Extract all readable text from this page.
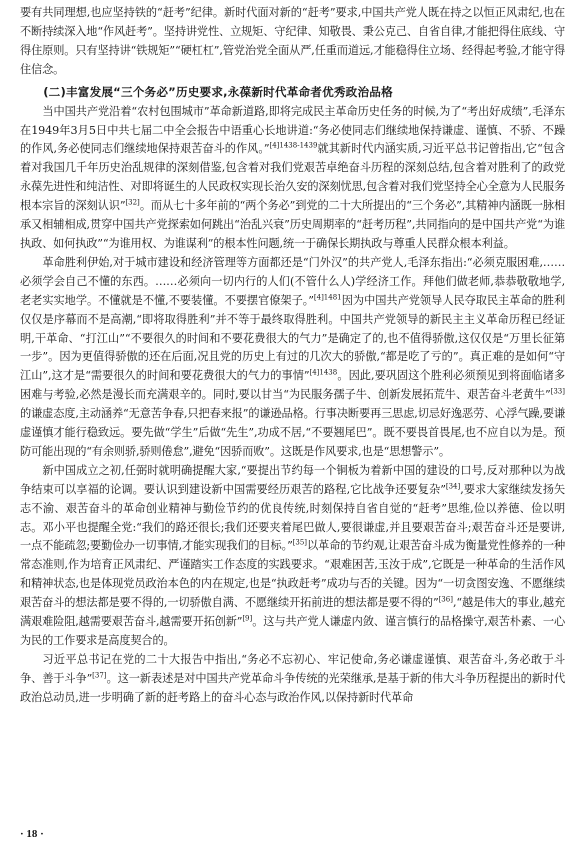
要有共同理想,也应坚持铁的“赶考”纪律。新时代面对新的“赶考”要求,中国共产党人既在持之以恒正风肃纪,也在不断持续深入地“作风赶考”。坚持讲党性、立规矩、守纪律、知敬畏、秉公克己、自省自律,才能把得住底线、守得住原则。只有坚持讲“铁规矩”“硬杠杠”,管党治党全面从严,任重而道远,才能稳得住立场、经得起考验,才能守得住信念。

(二)丰富发展“三个务必”历史要求,永葆新时代革命者优秀政治品格

当中国共产党沿着“农村包围城市”革命新道路,即将完成民主革命历史任务的时候,为了“考出好成绩”,毛泽东在1949年3月5日中共七届二中全会报告中语重心长地讲道:“务必使同志们继续地保持谦虚、谨慎、不骄、不躁的作风,务必使同志们继续地保持艰苦奋斗的作风。”$^{[4]1438-1439}$就其新时代内涵实质,习近平总书记曾指出,它“包含着对我国几千年历史治乱规律的深刻借鉴,包含着对我们党艰苦卓绝奋斗历程的深刻总结,包含着对胜利了的政党永葆先进性和纯洁性、对即将诞生的人民政权实现长治久安的深刻忧思,包含着对我们党坚持全心全意为人民服务根本宗旨的深刻认识”[32]。而从七十多年前的“两个务必”到党的二十大所提出的“三个务必”,其精神内涵既一脉相承又相辅相成,贯穿中国共产党探索如何跳出“治乱兴衰”历史周期率的“赶考历程”,共同指向的是中国共产党“为谁执政、如何执政”“为谁用权、为谁谋利”的根本性问题,统一于确保长期执政与尊重人民群众根本利益。

革命胜利伊始,对于城市建设和经济管理等方面都还是“门外汉”的共产党人,毛泽东指出:“必须克服困难,……必须学会自己不懂的东西。……必须向一切内行的人们(不管什么人)学经济工作。拜他们做老师,恭恭敬敬地学,老老实实地学。不懂就是不懂,不要装懂。不要摆官僚架子。”$^{[4]1481}$因为中国共产党领导人民夺取民主革命的胜利仅仅是序幕而不是高潮,“即将取得胜利”并不等于最终取得胜利。中国共产党领导的新民主主义革命历程已经证明,干革命、“打江山”“不要很久的时间和不要花费很大的气力”是确定了的,也不值得骄傲,这仅仅是“万里长征第一步”。因为更值得骄傲的还在后面,况且党的历史上有过的几次大的骄傲,“都是吃了亏的”。真正难的是如何“守江山”,这才是“需要很久的时间和要花费很大的气力的事情”$^{[4]1438}$。因此,要巩固这个胜利必须预见到将面临诸多困难与考验,必然是漫长而充满艰辛的。同时,要以甘当“为民服务孺子牛、创新发展拓荒牛、艰苦奋斗老黄牛”[33]的谦虚态度,主动涵养“无意苦争春,只把春来报”的谦逊品格。行事决断要再三思虑,切忌好逸恶劳、心浮气躁,要谦虚谨慎才能行稳致远。要先做“学生”后做“先生”,功成不居,“不要翘尾巴”。既不要畏首畏尾,也不应自以为是。预防可能出现的“有余则骄,骄则倦怠”,避免“因骄而败”。这既是作风要求,也是“思想警示”。

新中国成立之初,任弼时就明确提醒大家,“要提出节约每一个铜板为着新中国的建设的口号,反对那种以为战争结束可以享福的论调。要认识到建设新中国需要经历艰苦的路程,它比战争还要复杂”[34],要求大家继续发扬矢志不渝、艰苦奋斗的革命创业精神与勤俭节约的优良传统,时刻保持自省自觉的“赶考”思维,俭以养德、俭以明志。邓小平也提醒全党:“我们的路还很长;我们还要夹着尾巴做人,要很谦虚,并且要艰苦奋斗;艰苦奋斗还是要讲,一点不能疏忽;要勤俭办一切事情,才能实现我们的目标。”[35]以革命的节约观,让艰苦奋斗成为衡量党性修养的一种常态准则,作为培育正风肃纪、严谨踏实工作态度的实践要求。“艰难困苦,玉汝于成”,它既是一种革命的生活作风和精神状态,也是体现党员政治本色的内在规定,也是“执政赶考”成功与否的关键。因为“一切贪图安逸、不愿继续艰苦奋斗的想法都是要不得的,一切骄傲自满、不愿继续开拓前进的想法都是要不得的”[36],“越是伟大的事业,越充满艰难险阻,越需要艰苦奋斗,越需要开拓创新”[9]。这与共产党人谦虚内敛、谨言慎行的品格操守,艰苦朴素、一心为民的工作要求是高度契合的。

习近平总书记在党的二十大报告中指出,“务必不忘初心、牢记使命,务必谦虚谨慎、艰苦奋斗,务必敢于斗争、善于斗争”[37]。这一新表述是对中国共产党革命斗争传统的光荣继承,是基于新的伟大斗争历程提出的新时代政治总动员,进一步明确了新的赶考路上的奋斗心态与政治作风,以保持新时代革命

· 18 ·
